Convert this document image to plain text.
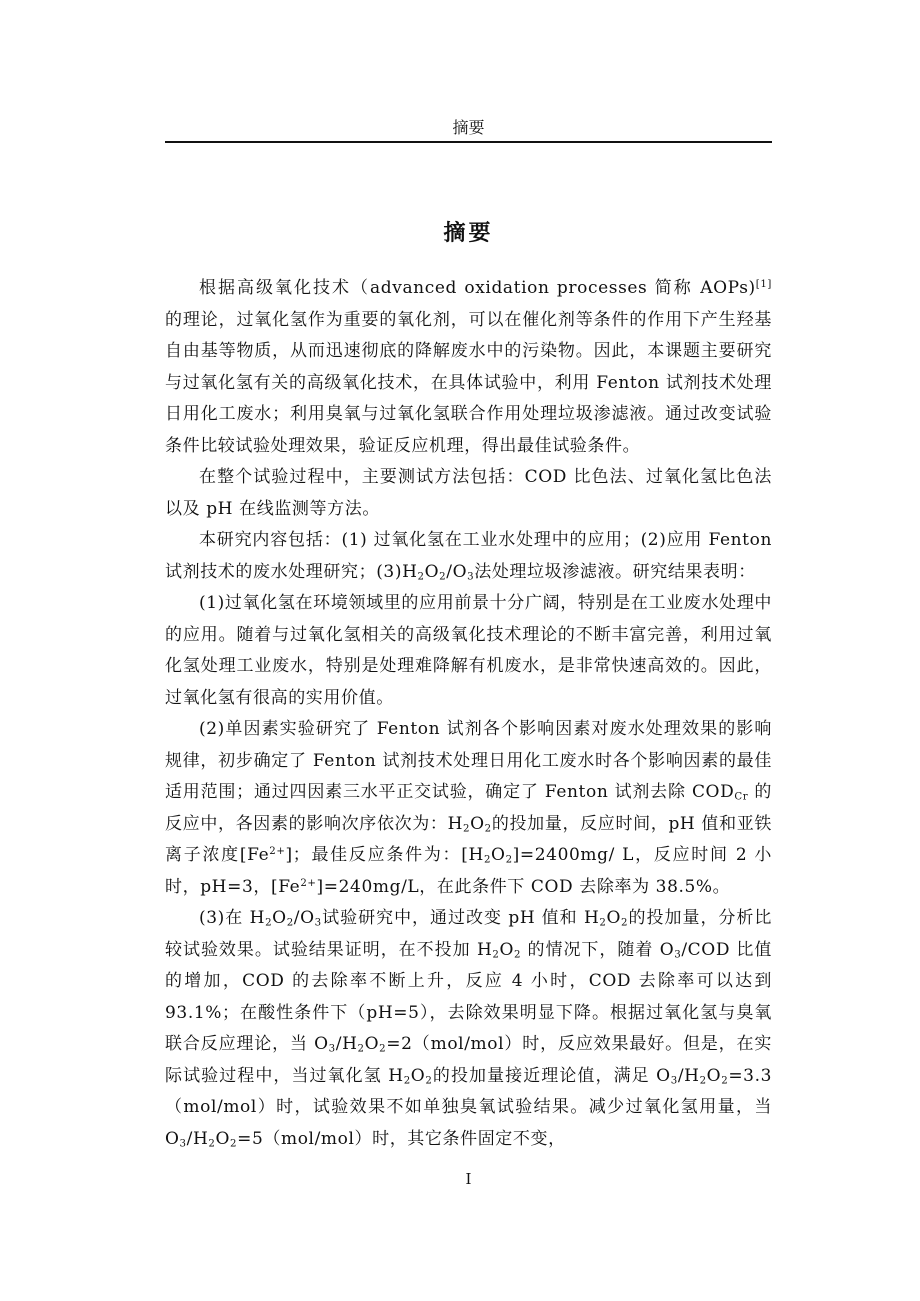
摘要
摘要

根据高级氧化技术（advanced oxidation processes 简称 AOPs)[1] 的理论，过氧化氢作为重要的氧化剂，可以在催化剂等条件的作用下产生羟基自由基等物质，从而迅速彻底的降解废水中的污染物。因此，本课题主要研究与过氧化氢有关的高级氧化技术，在具体试验中，利用 Fenton 试剂技术处理日用化工废水；利用臭氧与过氧化氢联合作用处理垃圾渗滤液。通过改变试验条件比较试验处理效果，验证反应机理，得出最佳试验条件。

在整个试验过程中，主要测试方法包括：COD 比色法、过氧化氢比色法以及 pH 在线监测等方法。

本研究内容包括：(1) 过氧化氢在工业水处理中的应用；(2)应用 Fenton 试剂技术的废水处理研究；$(3)H_2O_2/O_3$法处理垃圾渗滤液。研究结果表明：

(1)过氧化氢在环境领域里的应用前景十分广阔，特别是在工业废水处理中的应用。随着与过氧化氢相关的高级氧化技术理论的不断丰富完善，利用过氧化氢处理工业废水，特别是处理难降解有机废水，是非常快速高效的。因此，过氧化氢有很高的实用价值。

(2)单因素实验研究了 Fenton 试剂各个影响因素对废水处理效果的影响规律，初步确定了 Fenton 试剂技术处理日用化工废水时各个影响因素的最佳适用范围；通过四因素三水平正交试验，确定了 Fenton 试剂去除 $COD_{Cr}$ 的反应中，各因素的影响次序依次为：$H_2O_2$的投加量，反应时间，pH 值和亚铁离子浓度$[Fe^{2+}]$；最佳反应条件为：$[H_2O_2]=2400mg/$ L，反应时间 2 小时，pH=3，$[Fe^{2+}]=240mg/L$，在此条件下 COD 去除率为 38.5%。

(3)在 $H_2O_2/O_3$试验研究中，通过改变 pH 值和 $H_2O_2$的投加量，分析比较试验效果。试验结果证明，在不投加 $H_2O_2$ 的情况下，随着 $O_3$/COD 比值的增加，COD 的去除率不断上升，反应 4 小时，COD 去除率可以达到 93.1%；在酸性条件下（pH=5），去除效果明显下降。根据过氧化氢与臭氧联合反应理论，当 $O_3/H_2O_2=2(mol/mol)$时，反应效果最好。但是，在实际试验过程中，当过氧化氢 $H_2O_2$的投加量接近理论值，满足 $O_3/H_2O_2=3.3(mol/mol)$时，试验效果不如单独臭氧试验结果。减少过氧化氢用量，当 $O_3/H_2O_2=5(mol/mol)$时，其它条件固定不变，

I
